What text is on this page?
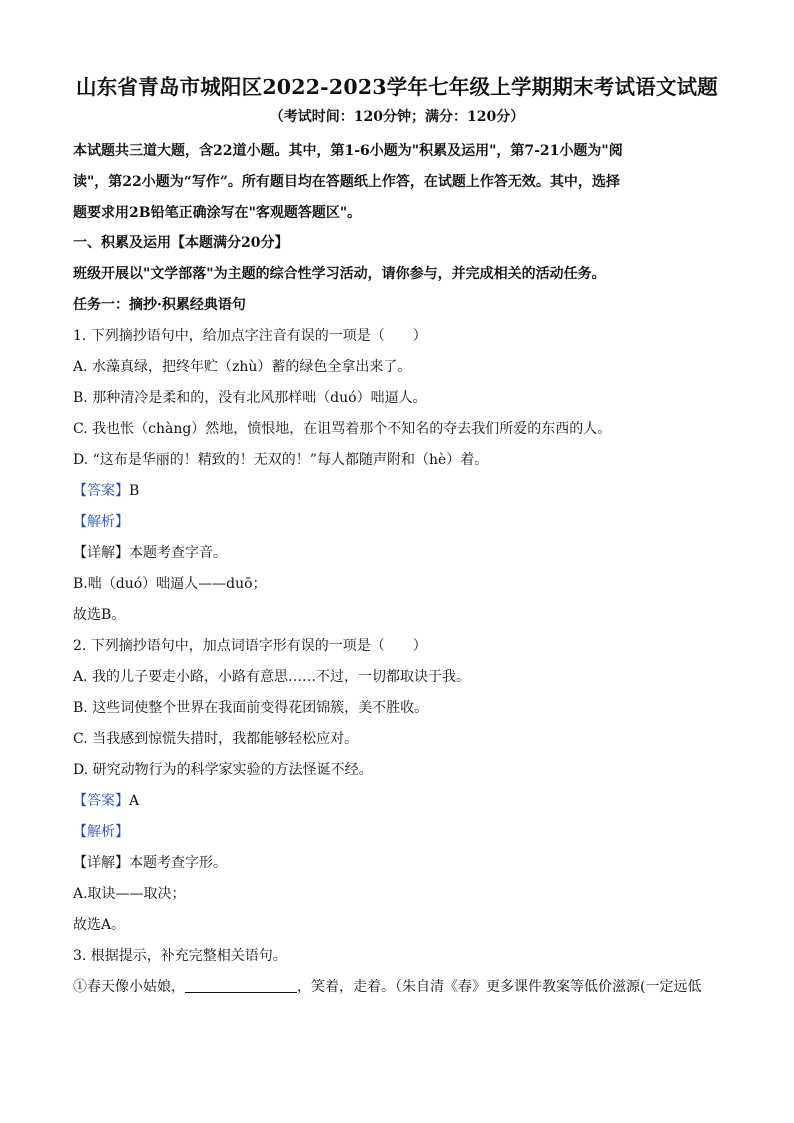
山东省青岛市城阳区2022-2023学年七年级上学期期末考试语文试题
（考试时间：120分钟；满分：120分）
本试题共三道大题，含22道小题。其中，第1-6小题为"积累及运用"，第7-21小题为"阅
读"，第22小题为“写作”。所有题目均在答题纸上作答，在试题上作答无效。其中，选择
题要求用2B铅笔正确涂写在"客观题答题区"。
一、积累及运用【本题满分20分】
班级开展以"文学部落"为主题的综合性学习活动，请你参与，并完成相关的活动任务。
任务一：摘抄·积累经典语句
1. 下列摘抄语句中，给加点字注音有误的一项是（　　）
A. 水藻真绿，把终年贮（zhù）蓄的绿色全拿出来了。
B. 那种清冷是柔和的，没有北风那样咄（duó）咄逼人。
C. 我也怅（chàng）然地，愤恨地，在诅骂着那个不知名的夺去我们所爱的东西的人。
D. “这布是华丽的！精致的！无双的！”每人都随声附和（hè）着。
【答案】B
【解析】
【详解】本题考查字音。
B.咄（duó）咄逼人——duō；
故选B。
2. 下列摘抄语句中，加点词语字形有误的一项是（　　）
A. 我的儿子要走小路，小路有意思……不过，一切都取诀于我。
B. 这些词使整个世界在我面前变得花团锦簇，美不胜收。
C. 当我感到惊慌失措时，我都能够轻松应对。
D. 研究动物行为的科学家实验的方法怪诞不经。
【答案】A
【解析】
【详解】本题考查字形。
A.取诀——取决；
故选A。
3. 根据提示，补充完整相关语句。
①春天像小姑娘，	，笑着，走着。（朱自清《春》更多课件教案等低价滋源(一定远低
